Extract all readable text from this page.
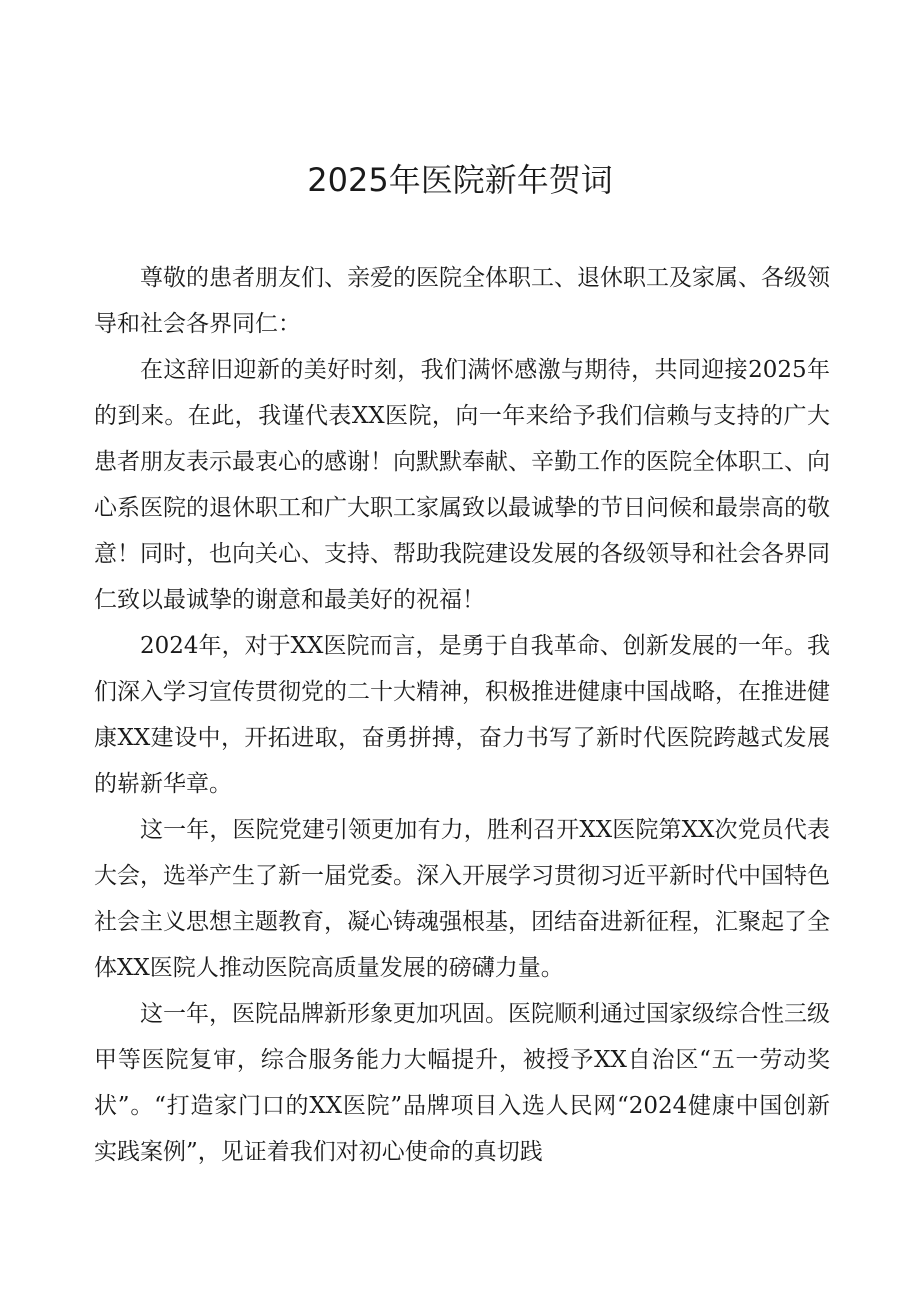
2025年医院新年贺词

尊敬的患者朋友们、亲爱的医院全体职工、退休职工及家属、各级领导和社会各界同仁：

在这辞旧迎新的美好时刻，我们满怀感激与期待，共同迎接2025年的到来。在此，我谨代表XX医院，向一年来给予我们信赖与支持的广大患者朋友表示最衷心的感谢！向默默奉献、辛勤工作的医院全体职工、向心系医院的退休职工和广大职工家属致以最诚挚的节日问候和最崇高的敬意！同时，也向关心、支持、帮助我院建设发展的各级领导和社会各界同仁致以最诚挚的谢意和最美好的祝福！

2024年，对于XX医院而言，是勇于自我革命、创新发展的一年。我们深入学习宣传贯彻党的二十大精神，积极推进健康中国战略，在推进健康XX建设中，开拓进取，奋勇拼搏，奋力书写了新时代医院跨越式发展的崭新华章。

这一年，医院党建引领更加有力，胜利召开XX医院第XX次党员代表大会，选举产生了新一届党委。深入开展学习贯彻习近平新时代中国特色社会主义思想主题教育，凝心铸魂强根基，团结奋进新征程，汇聚起了全体XX医院人推动医院高质量发展的磅礴力量。

这一年，医院品牌新形象更加巩固。医院顺利通过国家级综合性三级甲等医院复审，综合服务能力大幅提升，被授予XX自治区“五一劳动奖状”。“打造家门口的XX医院”品牌项目入选人民网“2024健康中国创新实践案例”，见证着我们对初心使命的真切践
